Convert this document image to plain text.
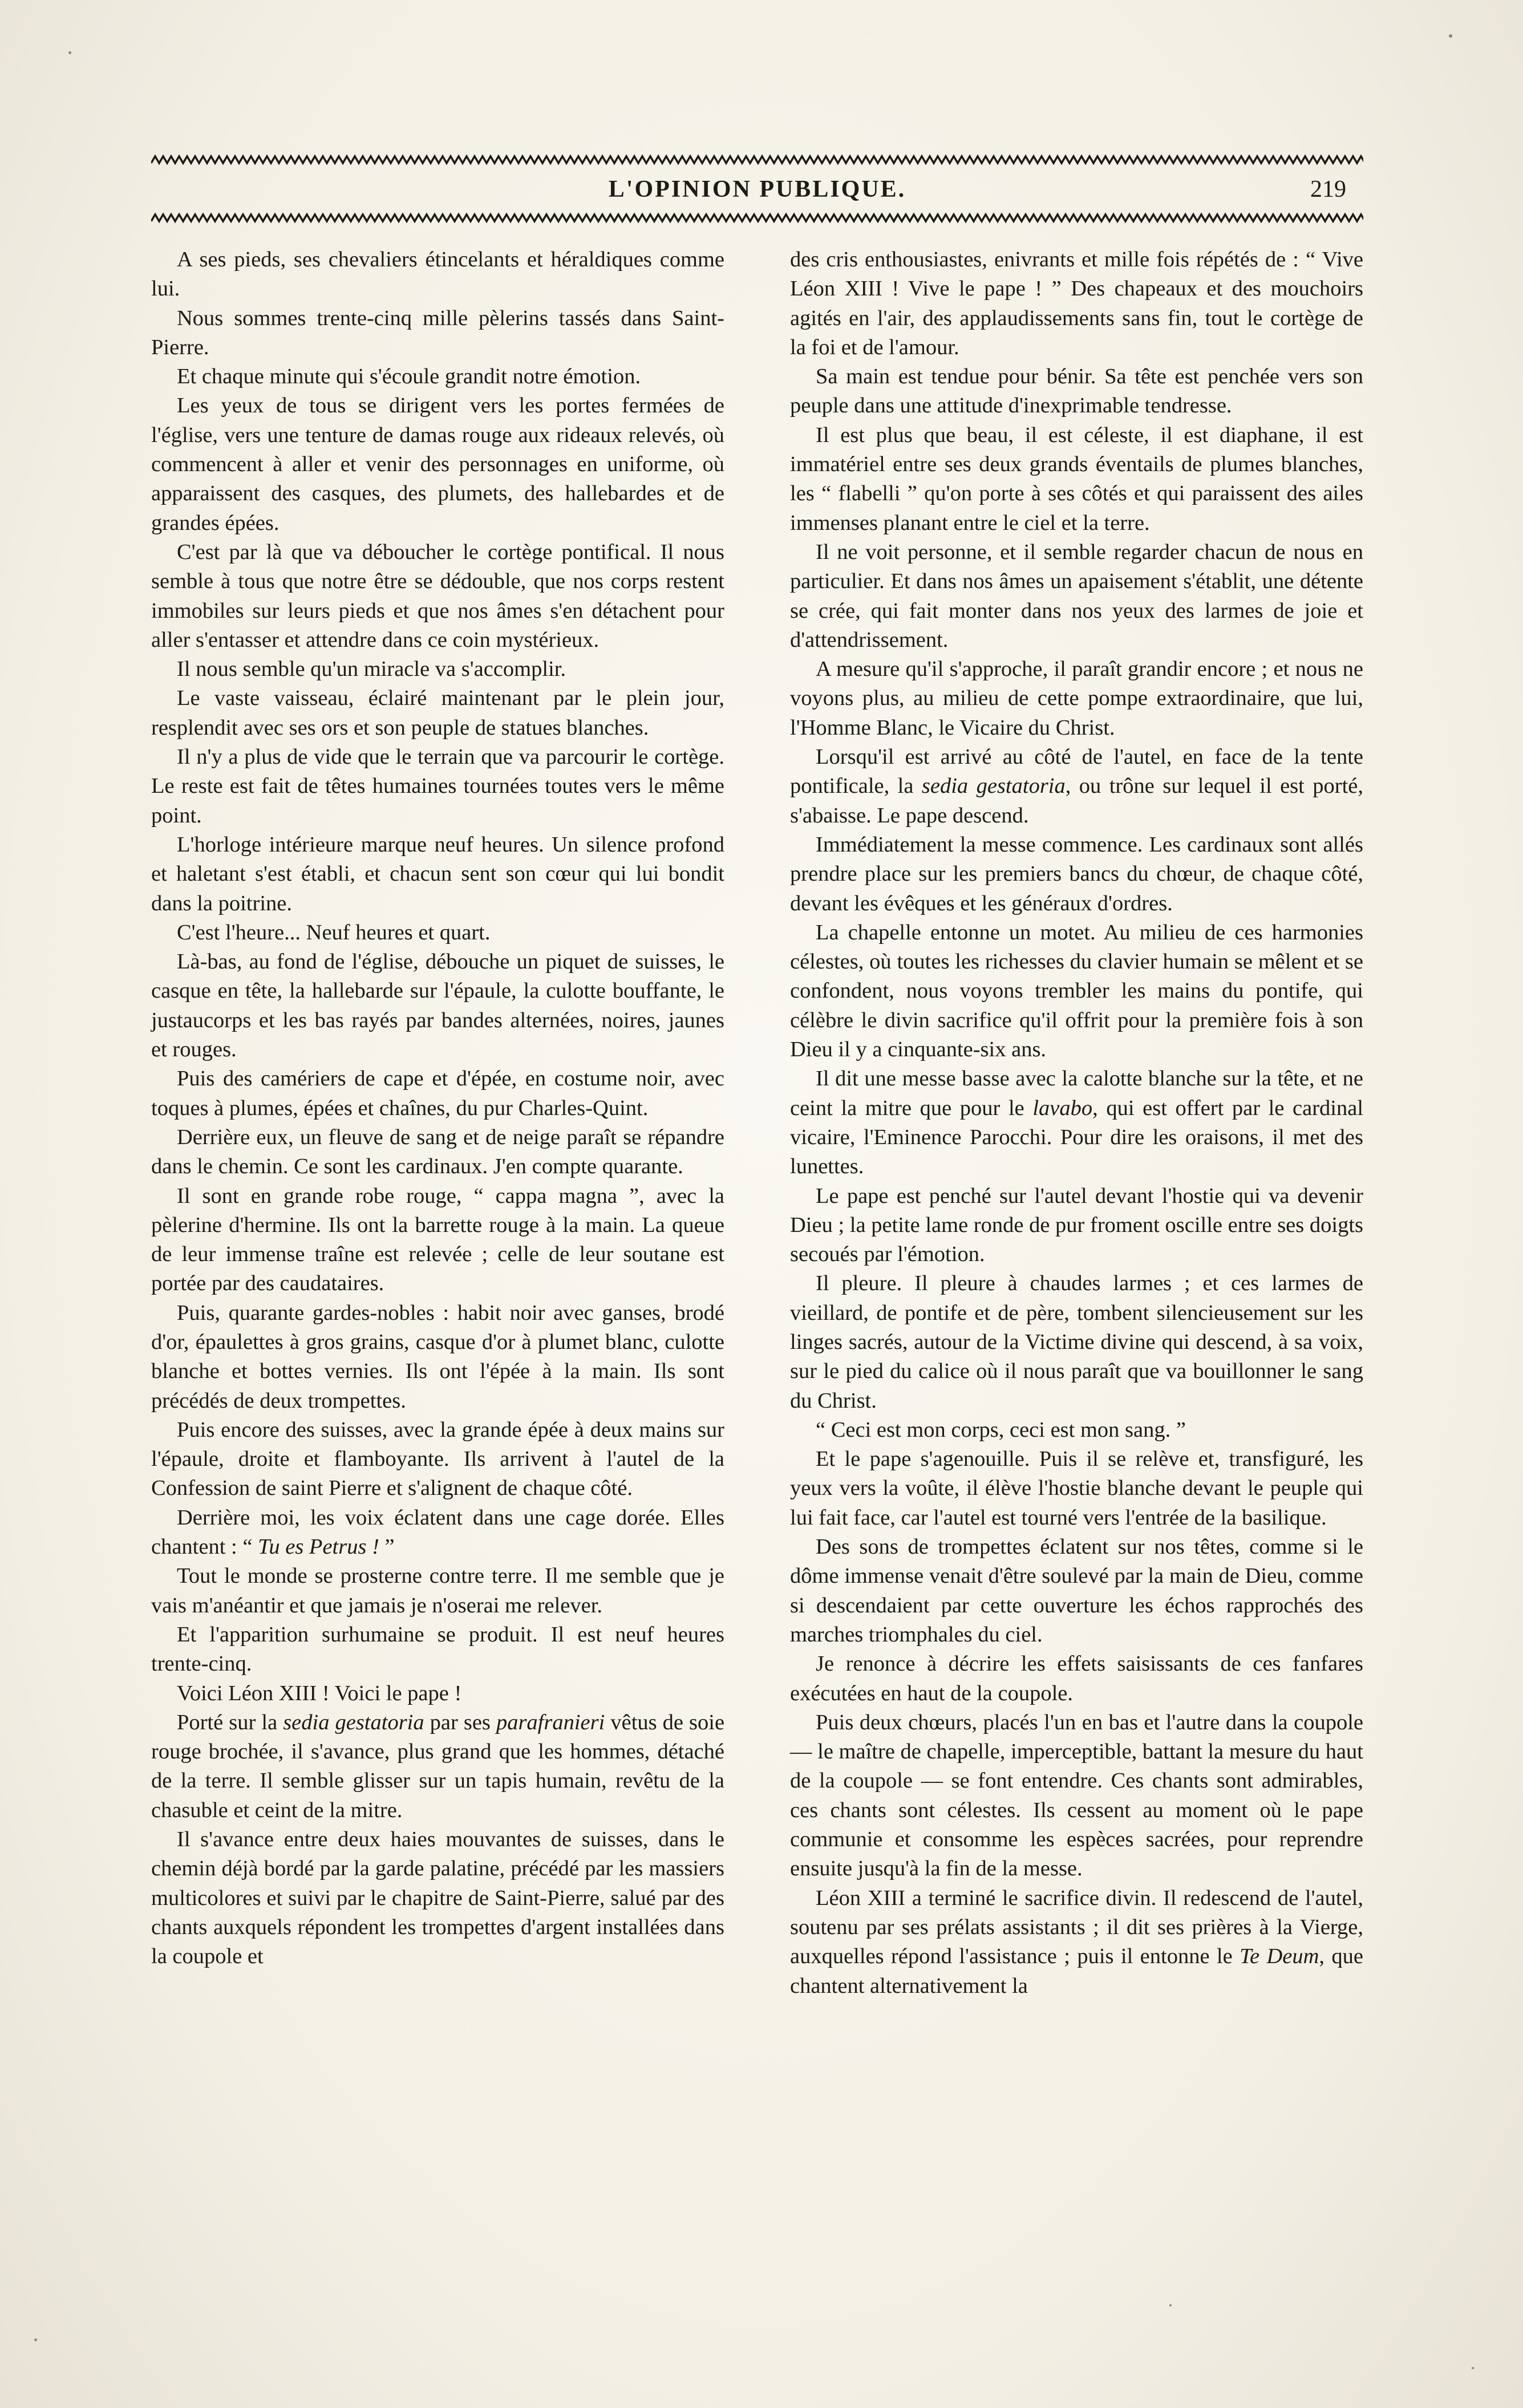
L'OPINION PUBLIQUE.	219

A ses pieds, ses chevaliers étincelants et héraldiques comme lui.

Nous sommes trente-cinq mille pèlerins tassés dans Saint-Pierre.

Et chaque minute qui s'écoule grandit notre émotion.

Les yeux de tous se dirigent vers les portes fermées de l'église, vers une tenture de damas rouge aux rideaux relevés, où commencent à aller et venir des personnages en uniforme, où apparaissent des casques, des plumets, des hallebardes et de grandes épées.

C'est par là que va déboucher le cortège pontifical. Il nous semble à tous que notre être se dédouble, que nos corps restent immobiles sur leurs pieds et que nos âmes s'en détachent pour aller s'entasser et attendre dans ce coin mystérieux.

Il nous semble qu'un miracle va s'accomplir.

Le vaste vaisseau, éclairé maintenant par le plein jour, resplendit avec ses ors et son peuple de statues blanches.

Il n'y a plus de vide que le terrain que va parcourir le cortège. Le reste est fait de têtes humaines tournées toutes vers le même point.

L'horloge intérieure marque neuf heures. Un silence profond et haletant s'est établi, et chacun sent son cœur qui lui bondit dans la poitrine.

C'est l'heure... Neuf heures et quart.

Là-bas, au fond de l'église, débouche un piquet de suisses, le casque en tête, la hallebarde sur l'épaule, la culotte bouffante, le justaucorps et les bas rayés par bandes alternées, noires, jaunes et rouges.

Puis des camériers de cape et d'épée, en costume noir, avec toques à plumes, épées et chaînes, du pur Charles-Quint.

Derrière eux, un fleuve de sang et de neige paraît se répandre dans le chemin. Ce sont les cardinaux. J'en compte quarante.

Il sont en grande robe rouge, “ cappa magna ”, avec la pèlerine d'hermine. Ils ont la barrette rouge à la main. La queue de leur immense traîne est relevée ; celle de leur soutane est portée par des caudataires.

Puis, quarante gardes-nobles : habit noir avec ganses, brodé d'or, épaulettes à gros grains, casque d'or à plumet blanc, culotte blanche et bottes vernies. Ils ont l'épée à la main. Ils sont précédés de deux trompettes.

Puis encore des suisses, avec la grande épée à deux mains sur l'épaule, droite et flamboyante. Ils arrivent à l'autel de la Confession de saint Pierre et s'alignent de chaque côté.

Derrière moi, les voix éclatent dans une cage dorée. Elles chantent : “ Tu es Petrus ! ”

Tout le monde se prosterne contre terre. Il me semble que je vais m'anéantir et que jamais je n'oserai me relever.

Et l'apparition surhumaine se produit. Il est neuf heures trente-cinq.

Voici Léon XIII ! Voici le pape !

Porté sur la sedia gestatoria par ses parafranieri vêtus de soie rouge brochée, il s'avance, plus grand que les hommes, détaché de la terre. Il semble glisser sur un tapis humain, revêtu de la chasuble et ceint de la mitre.

Il s'avance entre deux haies mouvantes de suisses, dans le chemin déjà bordé par la garde palatine, précédé par les massiers multicolores et suivi par le chapitre de Saint-Pierre, salué par des chants auxquels répondent les trompettes d'argent installées dans la coupole et

des cris enthousiastes, enivrants et mille fois répétés de : “ Vive Léon XIII ! Vive le pape ! ” Des chapeaux et des mouchoirs agités en l'air, des applaudissements sans fin, tout le cortège de la foi et de l'amour.

Sa main est tendue pour bénir. Sa tête est penchée vers son peuple dans une attitude d'inexprimable tendresse.

Il est plus que beau, il est céleste, il est diaphane, il est immatériel entre ses deux grands éventails de plumes blanches, les “ flabelli ” qu'on porte à ses côtés et qui paraissent des ailes immenses planant entre le ciel et la terre.

Il ne voit personne, et il semble regarder chacun de nous en particulier. Et dans nos âmes un apaisement s'établit, une détente se crée, qui fait monter dans nos yeux des larmes de joie et d'attendrissement.

A mesure qu'il s'approche, il paraît grandir encore ; et nous ne voyons plus, au milieu de cette pompe extraordinaire, que lui, l'Homme Blanc, le Vicaire du Christ.

Lorsqu'il est arrivé au côté de l'autel, en face de la tente pontificale, la sedia gestatoria, ou trône sur lequel il est porté, s'abaisse. Le pape descend.

Immédiatement la messe commence. Les cardinaux sont allés prendre place sur les premiers bancs du chœur, de chaque côté, devant les évêques et les généraux d'ordres.

La chapelle entonne un motet. Au milieu de ces harmonies célestes, où toutes les richesses du clavier humain se mêlent et se confondent, nous voyons trembler les mains du pontife, qui célèbre le divin sacrifice qu'il offrit pour la première fois à son Dieu il y a cinquante-six ans.

Il dit une messe basse avec la calotte blanche sur la tête, et ne ceint la mitre que pour le lavabo, qui est offert par le cardinal vicaire, l'Eminence Parocchi. Pour dire les oraisons, il met des lunettes.

Le pape est penché sur l'autel devant l'hostie qui va devenir Dieu ; la petite lame ronde de pur froment oscille entre ses doigts secoués par l'émotion.

Il pleure. Il pleure à chaudes larmes ; et ces larmes de vieillard, de pontife et de père, tombent silencieusement sur les linges sacrés, autour de la Victime divine qui descend, à sa voix, sur le pied du calice où il nous paraît que va bouillonner le sang du Christ.

“ Ceci est mon corps, ceci est mon sang. ”

Et le pape s'agenouille. Puis il se relève et, transfiguré, les yeux vers la voûte, il élève l'hostie blanche devant le peuple qui lui fait face, car l'autel est tourné vers l'entrée de la basilique.

Des sons de trompettes éclatent sur nos têtes, comme si le dôme immense venait d'être soulevé par la main de Dieu, comme si descendaient par cette ouverture les échos rapprochés des marches triomphales du ciel.

Je renonce à décrire les effets saisissants de ces fanfares exécutées en haut de la coupole.

Puis deux chœurs, placés l'un en bas et l'autre dans la coupole — le maître de chapelle, imperceptible, battant la mesure du haut de la coupole — se font entendre. Ces chants sont admirables, ces chants sont célestes. Ils cessent au moment où le pape communie et consomme les espèces sacrées, pour reprendre ensuite jusqu'à la fin de la messe.

Léon XIII a terminé le sacrifice divin. Il redescend de l'autel, soutenu par ses prélats assistants ; il dit ses prières à la Vierge, auxquelles répond l'assistance ; puis il entonne le Te Deum, que chantent alternativement la
